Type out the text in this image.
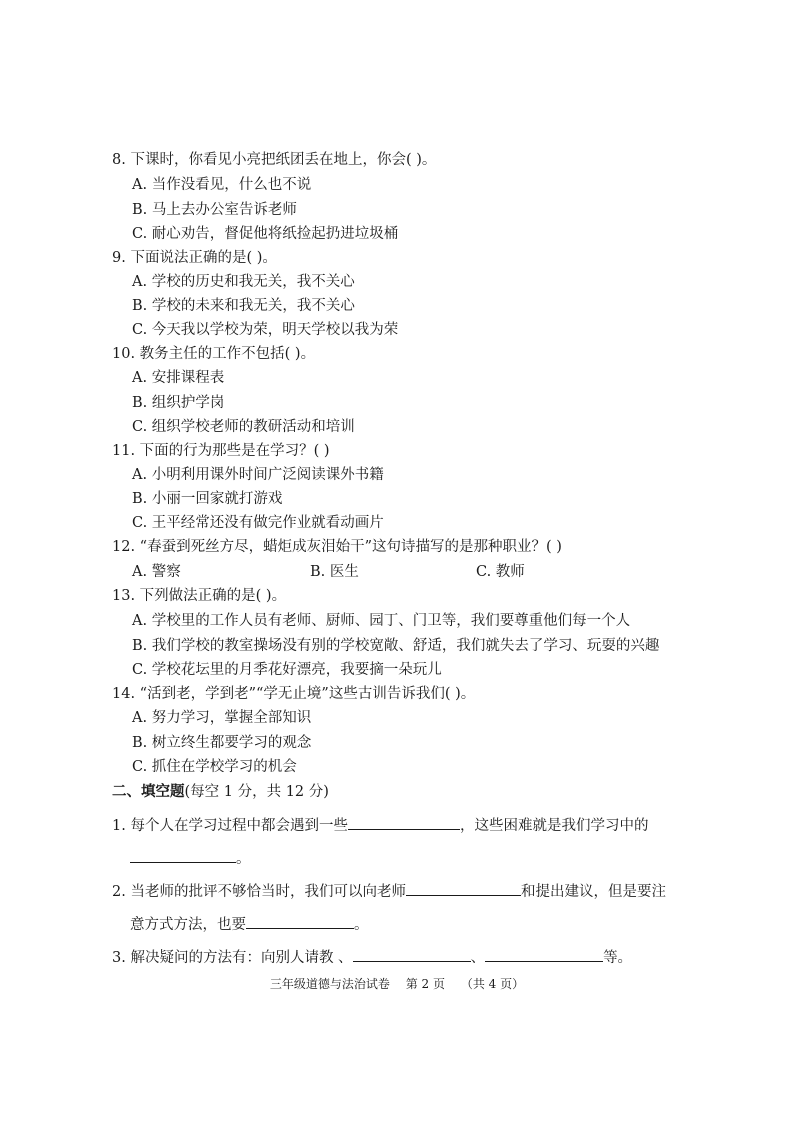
8. 下课时，你看见小亮把纸团丢在地上，你会( )。
A. 当作没看见，什么也不说
B. 马上去办公室告诉老师
C. 耐心劝告，督促他将纸捡起扔进垃圾桶
9. 下面说法正确的是( )。
A. 学校的历史和我无关，我不关心
B. 学校的未来和我无关，我不关心
C. 今天我以学校为荣，明天学校以我为荣
10. 教务主任的工作不包括( )。
A. 安排课程表
B. 组织护学岗
C. 组织学校老师的教研活动和培训
11. 下面的行为那些是在学习？( )
A. 小明利用课外时间广泛阅读课外书籍
B. 小丽一回家就打游戏
C. 王平经常还没有做完作业就看动画片
12. “春蚕到死丝方尽，蜡炬成灰泪始干”这句诗描写的是那种职业？( )
A. 警察	B. 医生	C. 教师
13. 下列做法正确的是( )。
A. 学校里的工作人员有老师、厨师、园丁、门卫等，我们要尊重他们每一个人
B. 我们学校的教室操场没有别的学校宽敞、舒适，我们就失去了学习、玩耍的兴趣
C. 学校花坛里的月季花好漂亮，我要摘一朵玩儿
14. “活到老，学到老”“学无止境”这些古训告诉我们( )。
A. 努力学习，掌握全部知识
B. 树立终生都要学习的观念
C. 抓住在学校学习的机会
二、填空题(每空 1 分，共 12 分)
1. 每个人在学习过程中都会遇到一些	，这些困难就是我们学习中的
。
2. 当老师的批评不够恰当时，我们可以向老师	和提出建议，但是要注
意方式方法，也要	。
3. 解决疑问的方法有：向别人请教 、	、	等。
三年级道德与法治试卷 第 2 页 （共 4 页）
